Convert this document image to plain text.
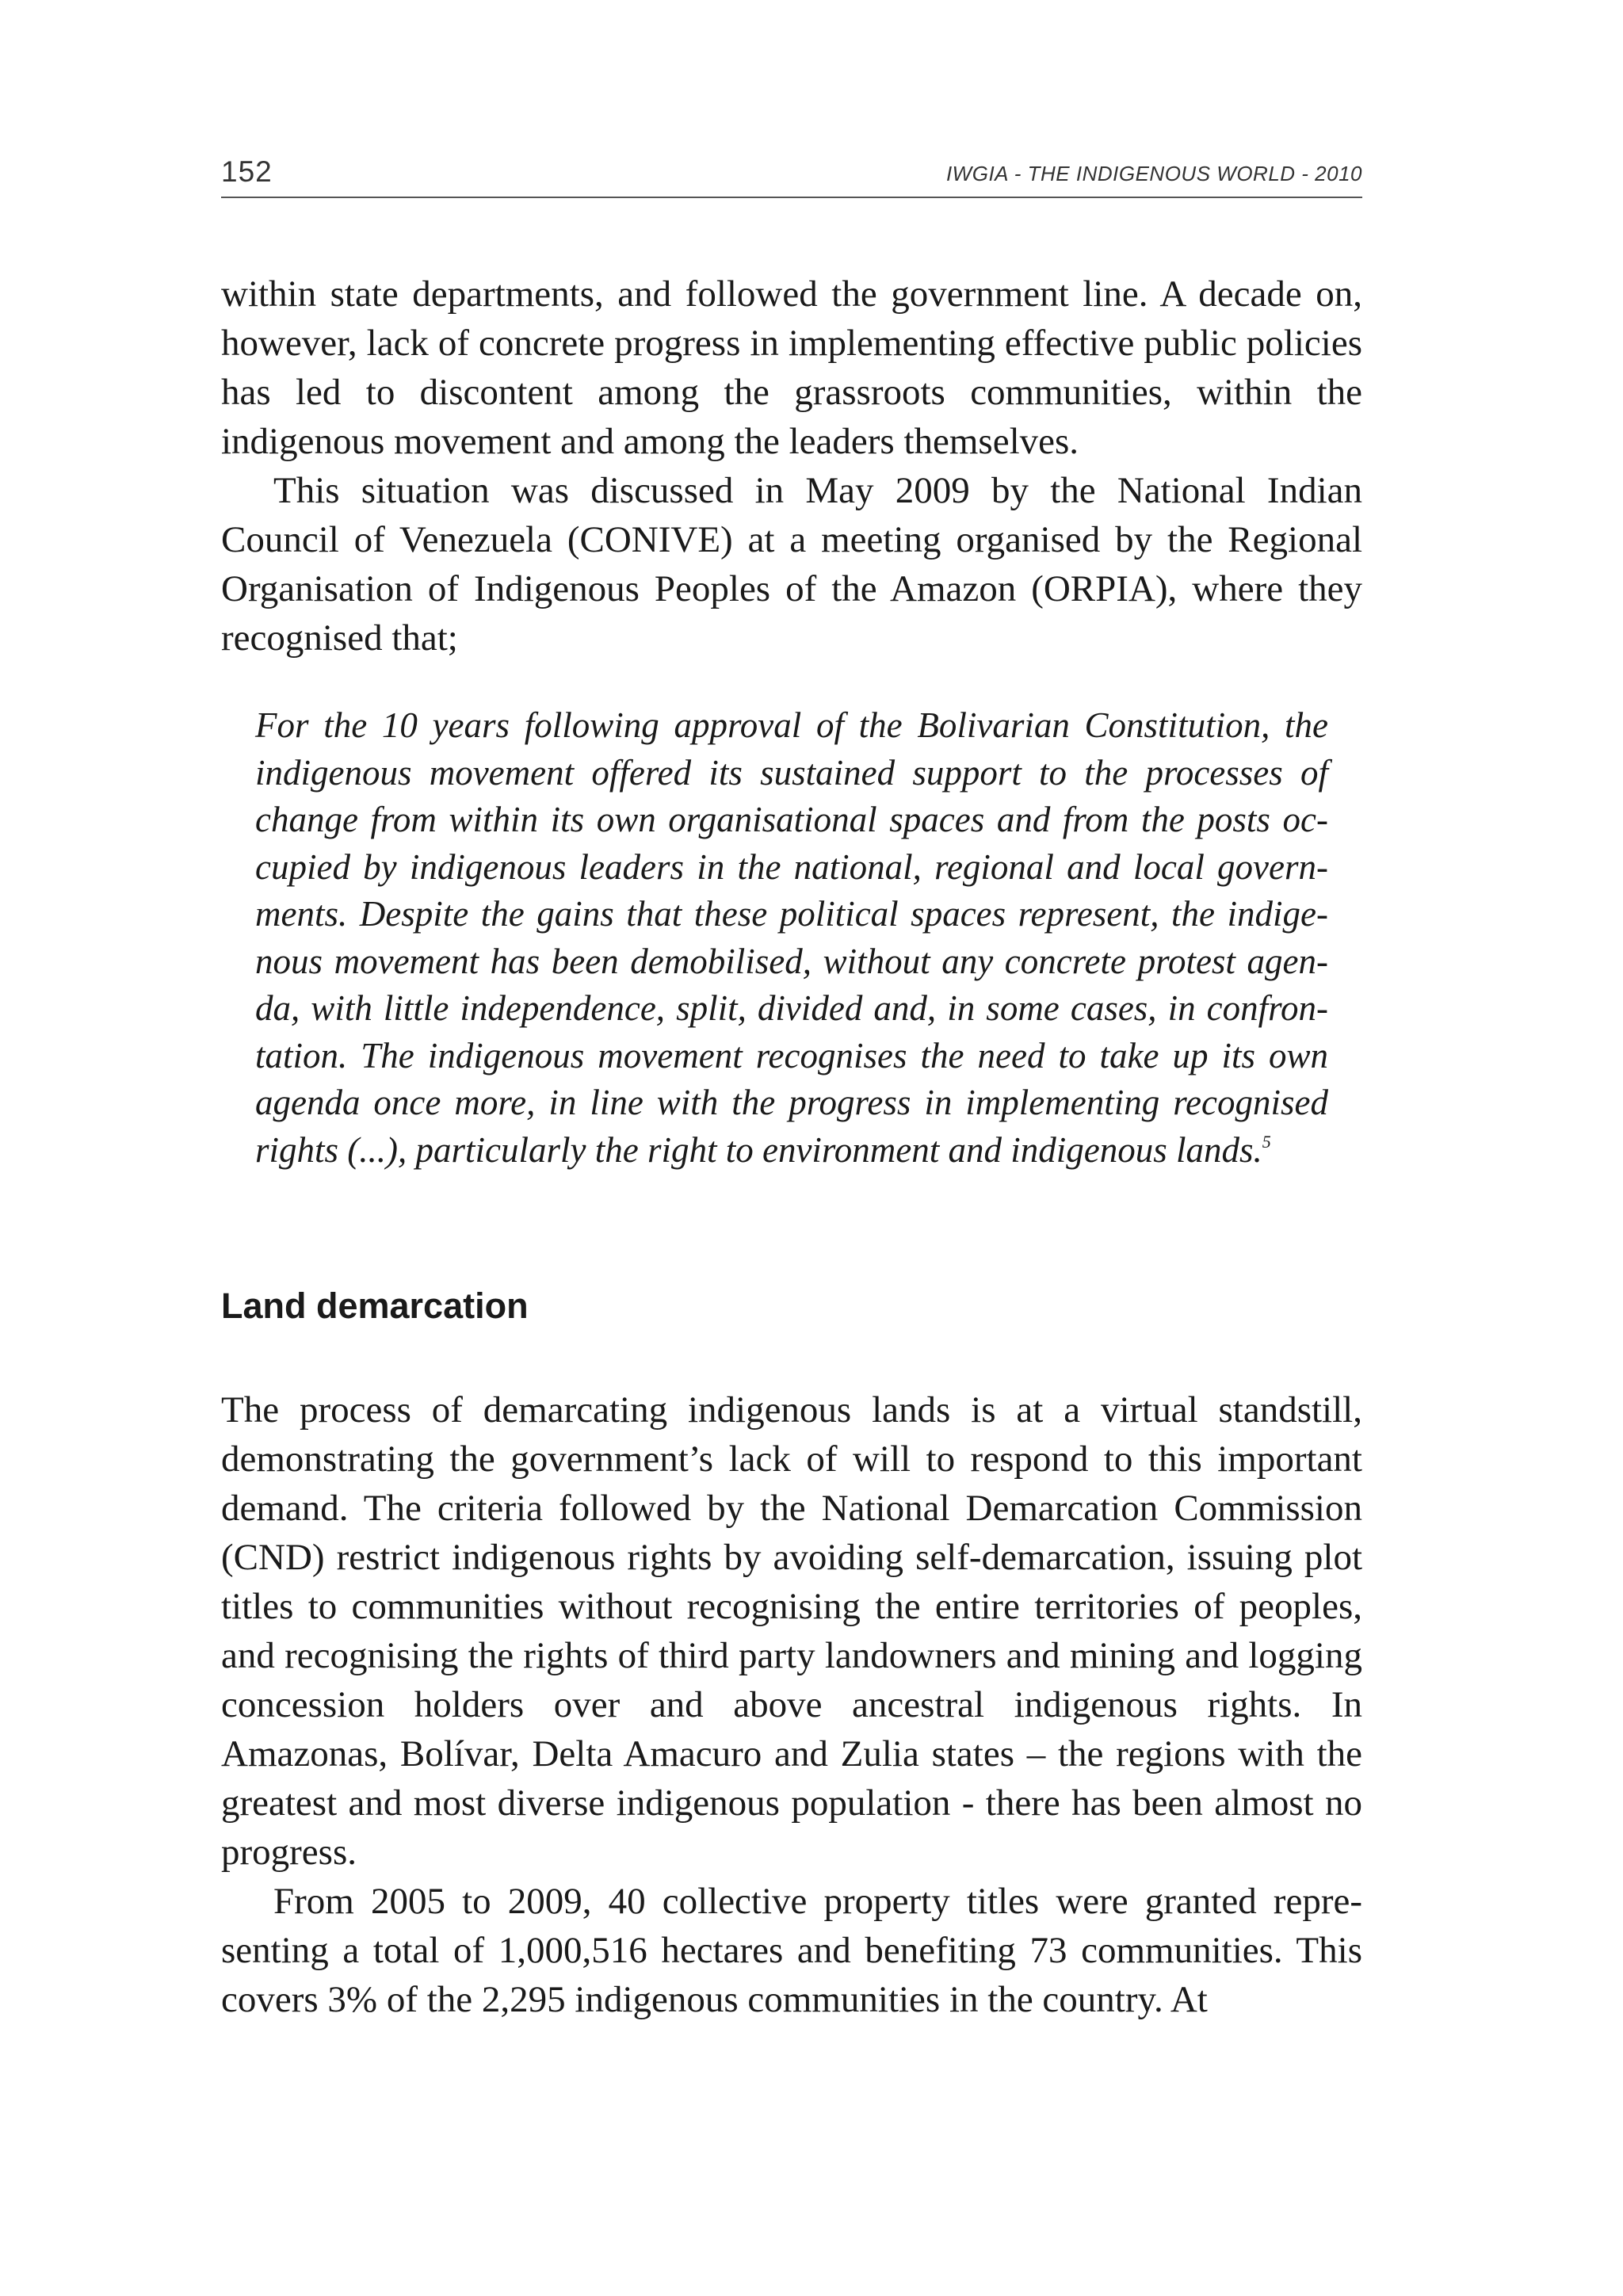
152	IWGIA - THE INDIGENOUS WORLD - 2010

within state departments, and followed the government line. A decade on, however, lack of concrete progress in implementing effective public policies has led to discontent among the grassroots communities, within the indigenous movement and among the leaders themselves.

This situation was discussed in May 2009 by the National Indian Council of Venezuela (CONIVE) at a meeting organised by the Regional Organisation of Indigenous Peoples of the Amazon (ORPIA), where they recognised that;

For the 10 years following approval of the Bolivarian Constitution, the indigenous movement offered its sustained support to the processes of change from within its own organisational spaces and from the posts occupied by indigenous leaders in the national, regional and local governments. Despite the gains that these political spaces represent, the indigenous movement has been demobilised, without any concrete protest agenda, with little independence, split, divided and, in some cases, in confrontation. The indigenous movement recognises the need to take up its own agenda once more, in line with the progress in implementing recognised rights (...), particularly the right to environment and indigenous lands.$^5$
Land demarcation

The process of demarcating indigenous lands is at a virtual standstill, demonstrating the government’s lack of will to respond to this important demand. The criteria followed by the National Demarcation Commission (CND) restrict indigenous rights by avoiding self-demarcation, issuing plot titles to communities without recognising the entire territories of peoples, and recognising the rights of third party landowners and mining and logging concession holders over and above ancestral indigenous rights. In Amazonas, Bolívar, Delta Amacuro and Zulia states – the regions with the greatest and most diverse indigenous population - there has been almost no progress.

From 2005 to 2009, 40 collective property titles were granted representing a total of 1,000,516 hectares and benefiting 73 communities. This covers 3% of the 2,295 indigenous communities in the country. At
